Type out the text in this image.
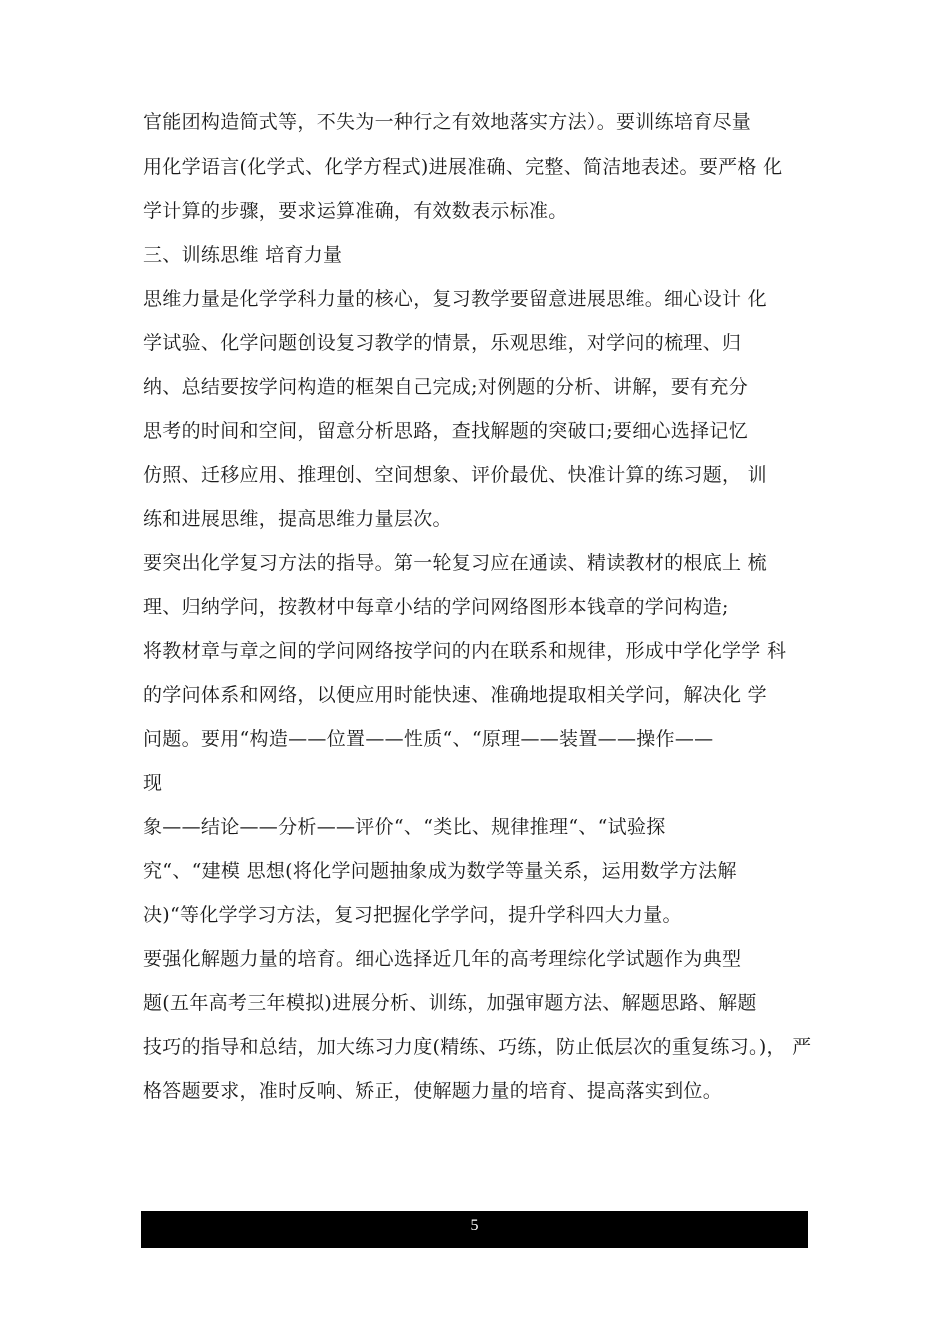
官能团构造简式等，不失为一种行之有效地落实方法）。要训练培育尽量

用化学语言(化学式、化学方程式)进展准确、完整、简洁地表述。要严格 化

学计算的步骤，要求运算准确，有效数表示标准。

三、训练思维 培育力量

思维力量是化学学科力量的核心，复习教学要留意进展思维。细心设计 化

学试验、化学问题创设复习教学的情景，乐观思维，对学问的梳理、归

纳、总结要按学问构造的框架自己完成;对例题的分析、讲解，要有充分

思考的时间和空间，留意分析思路，查找解题的突破口;要细心选择记忆

仿照、迁移应用、推理创、空间想象、评价最优、快准计算的练习题， 训

练和进展思维，提高思维力量层次。

要突出化学复习方法的指导。第一轮复习应在通读、精读教材的根底上 梳

理、归纳学问，按教材中每章小结的学问网络图形本钱章的学问构造;

将教材章与章之间的学问网络按学问的内在联系和规律，形成中学化学学 科

的学问体系和网络，以便应用时能快速、准确地提取相关学问，解决化 学

问题。要用“构造——位置——性质“、“原理——装置——操作——

现

象——结论——分析——评价“、“类比、规律推理“、“试验探

究“、“建模 思想(将化学问题抽象成为数学等量关系，运用数学方法解

决)“等化学学习方法，复习把握化学学问，提升学科四大力量。

要强化解题力量的培育。细心选择近几年的高考理综化学试题作为典型

题(五年高考三年模拟)进展分析、训练，加强审题方法、解题思路、解题

技巧的指导和总结，加大练习力度(精练、巧练，防止低层次的重复练习。)， 严

格答题要求，准时反响、矫正，使解题力量的培育、提高落实到位。

5
